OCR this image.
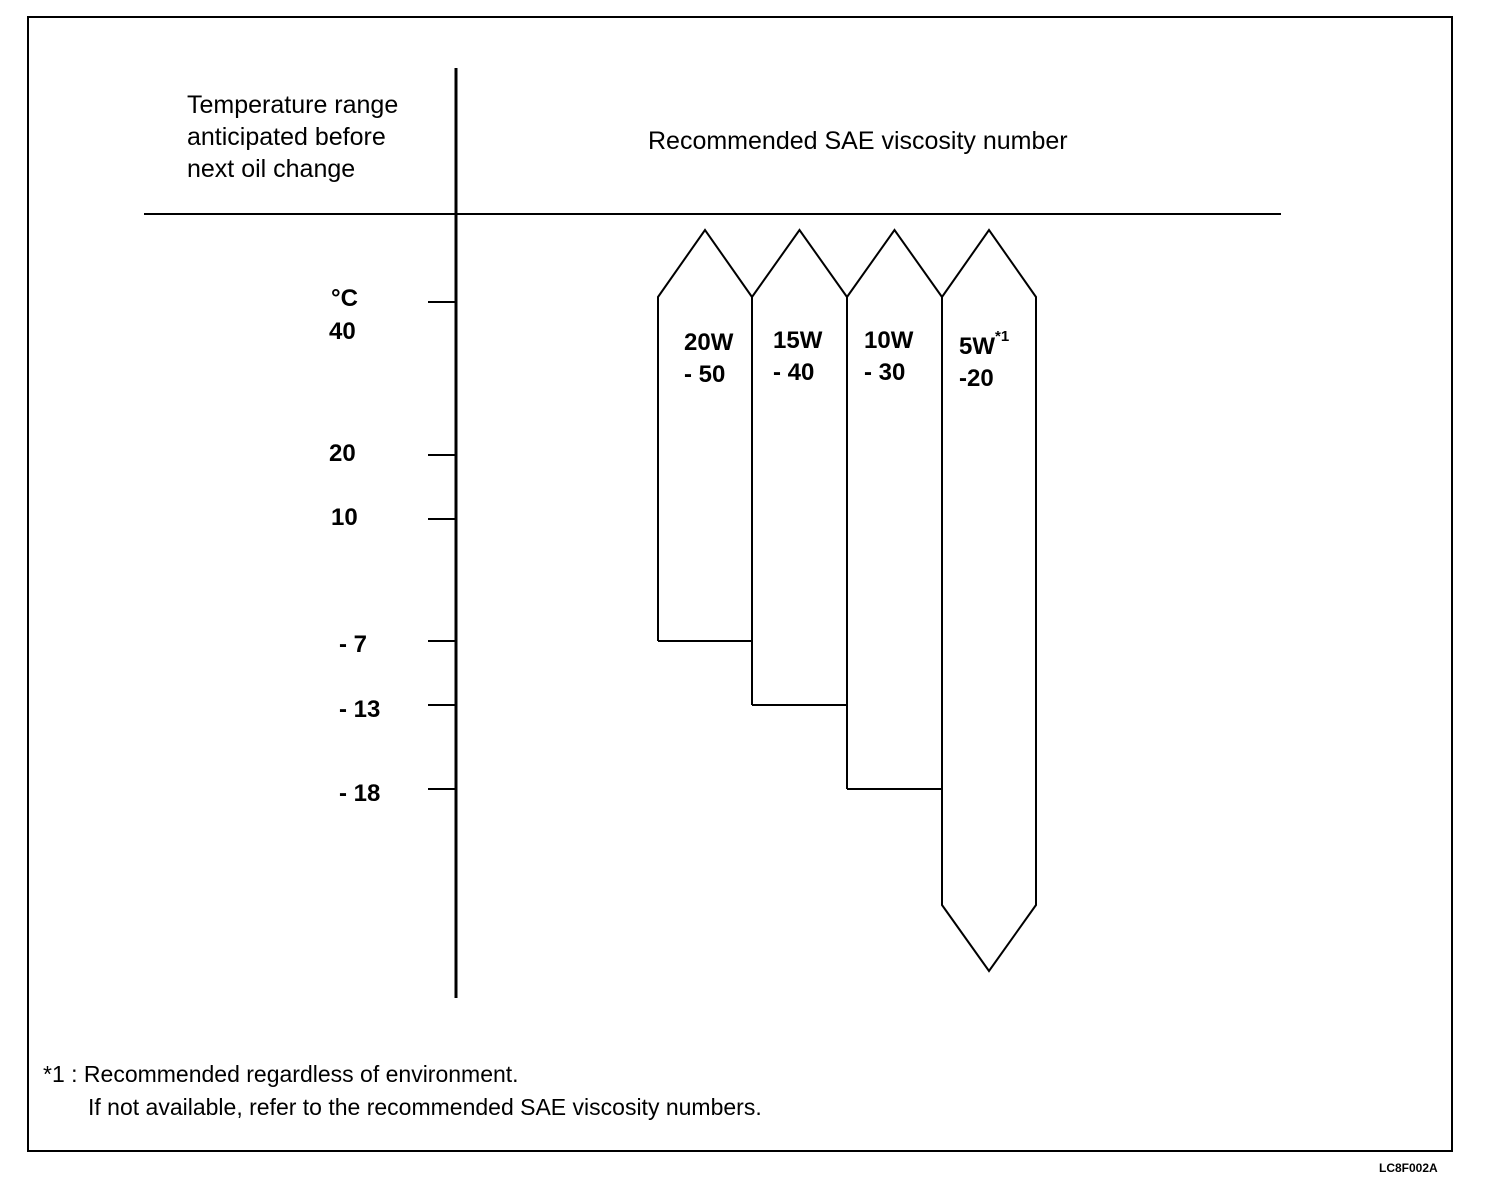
Temperature range
anticipated before
next oil change
Recommended SAE viscosity number
°C
40
20
10
- 7
- 13
- 18
20W
- 50
15W
- 40
10W
- 30
$5W^{*1}$
-20
*1 : Recommended regardless of environment.
If not available, refer to the recommended SAE viscosity numbers.
LC8F002A
